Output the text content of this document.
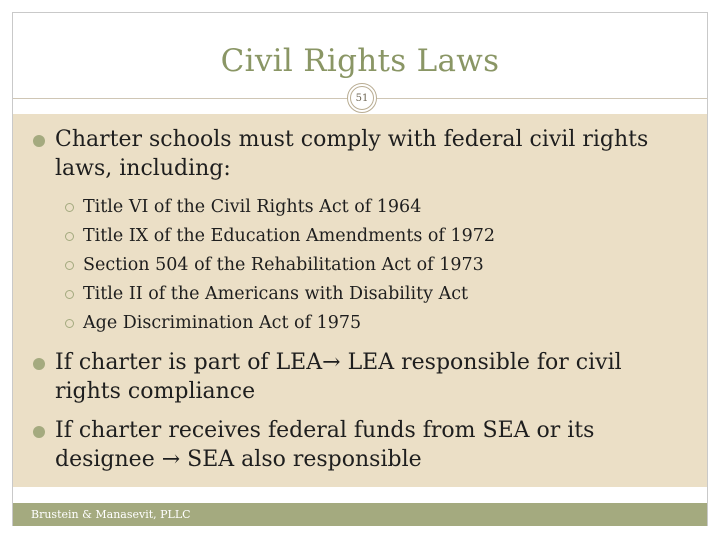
Civil Rights Laws
51
Charter schools must comply with federal civil rights laws, including:
Title VI of the Civil Rights Act of 1964
Title IX of the Education Amendments of 1972
Section 504 of the Rehabilitation Act of 1973
Title II of the Americans with Disability Act
Age Discrimination Act of 1975
If charter is part of LEA→ LEA responsible for civil rights compliance
If charter receives federal funds from SEA or its designee → SEA also responsible
Brustein & Manasevit, PLLC
